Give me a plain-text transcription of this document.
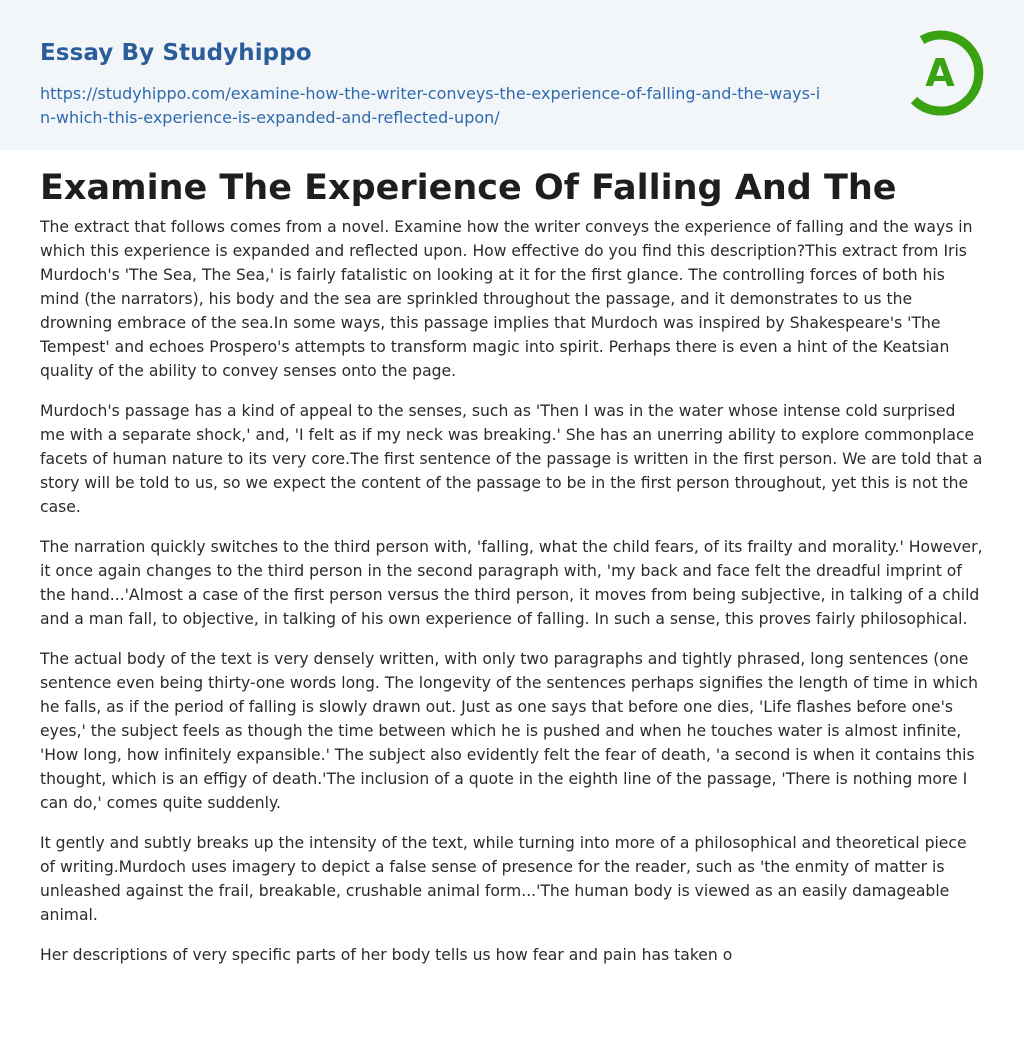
Essay By Studyhippo
https://studyhippo.com/examine-how-the-writer-conveys-the-experience-of-falling-and-the-ways-in-which-this-experience-is-expanded-and-reflected-upon/
A
Examine The Experience Of Falling And The

The extract that follows comes from a novel. Examine how the writer conveys the experience of falling and the ways in which this experience is expanded and reflected upon. How effective do you find this description?This extract from Iris Murdoch's 'The Sea, The Sea,' is fairly fatalistic on looking at it for the first glance. The controlling forces of both his mind (the narrators), his body and the sea are sprinkled throughout the passage, and it demonstrates to us the drowning embrace of the sea.In some ways, this passage implies that Murdoch was inspired by Shakespeare's 'The Tempest' and echoes Prospero's attempts to transform magic into spirit. Perhaps there is even a hint of the Keatsian quality of the ability to convey senses onto the page.

Murdoch's passage has a kind of appeal to the senses, such as 'Then I was in the water whose intense cold surprised me with a separate shock,' and, 'I felt as if my neck was breaking.' She has an unerring ability to explore commonplace facets of human nature to its very core.The first sentence of the passage is written in the first person. We are told that a story will be told to us, so we expect the content of the passage to be in the first person throughout, yet this is not the case.

The narration quickly switches to the third person with, 'falling, what the child fears, of its frailty and morality.' However, it once again changes to the third person in the second paragraph with, 'my back and face felt the dreadful imprint of the hand...'Almost a case of the first person versus the third person, it moves from being subjective, in talking of a child and a man fall, to objective, in talking of his own experience of falling. In such a sense, this proves fairly philosophical.

The actual body of the text is very densely written, with only two paragraphs and tightly phrased, long sentences (one sentence even being thirty-one words long. The longevity of the sentences perhaps signifies the length of time in which he falls, as if the period of falling is slowly drawn out. Just as one says that before one dies, 'Life flashes before one's eyes,' the subject feels as though the time between which he is pushed and when he touches water is almost infinite, 'How long, how infinitely expansible.' The subject also evidently felt the fear of death, 'a second is when it contains this thought, which is an effigy of death.'The inclusion of a quote in the eighth line of the passage, 'There is nothing more I can do,' comes quite suddenly.

It gently and subtly breaks up the intensity of the text, while turning into more of a philosophical and theoretical piece of writing.Murdoch uses imagery to depict a false sense of presence for the reader, such as 'the enmity of matter is unleashed against the frail, breakable, crushable animal form...'The human body is viewed as an easily damageable animal.

Her descriptions of very specific parts of her body tells us how fear and pain has taken o
